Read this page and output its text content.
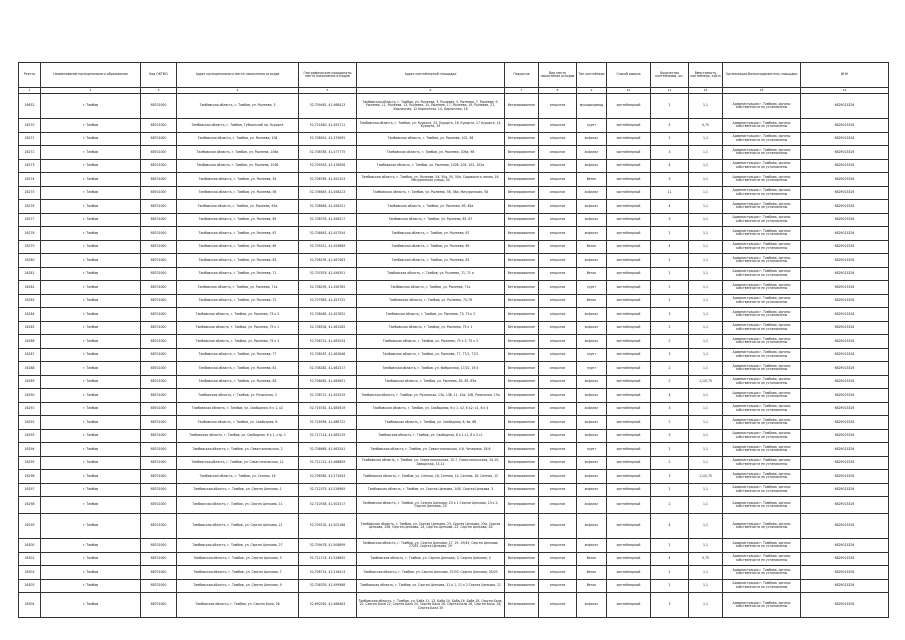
Реестр	Наименование муниципального образования	Код ОКТМО	Адрес муниципального места накопления отходов	Географические координаты места накопления отходов	Адрес контейнерной площадки	Покрытие	Вид места накопления отходов	Тип контейнера	Способ вывоза	Количество контейнеров, шт.	Вместимость контейнера, куб.м	Организация-балансодержатель площадки	ИНН
1	2	3	4	5	6	7	8	9	10	11	12	13	14
16632	г. Тамбов	68701000	Тамбовская область, г. Тамбов, ул. Рылеева, 3	52.709462, 41.468413	Тамбовская область, г. Тамбов, ул. Рылеева, 3, Рылеева, 5, Рылеева, 7, Рылеева, 9, Рылеева, 11, Рылеева, 13, Рылеева, 15, Рылеева, 17, Рылеева, 19, Рылеева, 21, Кирпичная, 12 Кирпичная, 14, Кирпичная, 16	бетонированное	открытое	мусоропровод	контейнерный	2	1,1	Администрация г. Тамбова, органы собственности не установлены	6829015326
16270	г. Тамбов	68701000	Тамбовская область, г. Тамбов, Губкинский пр. Курорта	52.721640, 41.455711	Тамбовская область, г. Тамбов, ул. Курорта, 23, Курорта, 18, Курорта, 17 Курорта, 15, Курорта, 19	бетонированное	открытое	грунт	контейнерный	5	0,75	Администрация г. Тамбова, органы собственности не установлены	6829015326
16271	г. Тамбов	68701000	Тамбовская область, г. Тамбов, ул. Рылеева, 106	52.708901, 41.475695	Тамбовская область, г. Тамбов, ул. Рылеева, 102, 98	бетонированное	открытое	асфальт	контейнерный	2	1,1	Администрация г. Тамбова, органы собственности не установлены	6829015326
16272	г. Тамбов	68701000	Тамбовская область, г. Тамбов, ул. Рылеева, 106а	52.708785, 41.477775	Тамбовская область, г. Тамбов, ул. Рылеева, 106а, 98	бетонированное	открытое	асфальт	контейнерный	3	1,1	Администрация г. Тамбова, органы собственности не установлены	6829015326
16273	г. Тамбов	68701000	Тамбовская область, г. Тамбов, ул. Рылеева, 102б	52.709353, 41.476456	Тамбовская область, г. Тамбов, ул. Рылеева, 102б, 104, 102, 102а	бетонированное	открытое	асфальт	контейнерный	4	1,1	Администрация г. Тамбова, органы собственности не установлены	6829015326
16274	г. Тамбов	68701000	Тамбовская область, г. Тамбов, ул. Рылеева, 54	52.706765, 41.452323	Тамбовская область, г. Тамбов, ул. Рылеева, 54, 50а, 50, 50а, Садовского линия, 16, Мичуринская улица, 54	бетонированное	открытое	бетон	контейнерный	3	1,1	Администрация г. Тамбова, органы собственности не установлены	6829015326
16275	г. Тамбов	68701000	Тамбовская область, г. Тамбов, ул. Рылеева, 56	52.706645, 41.458223	Тамбовская область, г. Тамбов, ул. Рылеева, 56, 58а, Мичуринская, 58	бетонированное	открытое	асфальт	контейнерный	11	1,1	Администрация г. Тамбова, органы собственности не установлены	6829015326
16276	г. Тамбов	68701000	Тамбовская область, г. Тамбов, ул. Рылеева, 63а	52.708846, 41.456251	Тамбовская область, г. Тамбов, ул. Рылеева, 63, 63а	бетонированное	открытое	асфальт	контейнерный	4	1,1	Администрация г. Тамбова, органы собственности не установлены	6829015326
16277	г. Тамбов	68701000	Тамбовская область, г. Тамбов, ул. Рылеева, 65	52.708703, 41.458317	Тамбовская область, г. Тамбов, ул. Рылеева, 65, 67	бетонированное	открытое	асфальт	контейнерный	3	1,1	Администрация г. Тамбова, органы собственности не установлены	6829015326
16278	г. Тамбов	68701000	Тамбовская область, г. Тамбов, ул. Рылеева, 67	52.708843, 41.457554	Тамбовская область, г. Тамбов, ул. Рылеева, 67	бетонированное	открытое	асфальт	контейнерный	2	1,1	Администрация г. Тамбова, органы собственности не установлены	6829015326
16279	г. Тамбов	68701000	Тамбовская область, г. Тамбов, ул. Рылеева, 69	52.709311, 41.459889	Тамбовская область, г. Тамбов, ул. Рылеева, 69	бетонированное	открытое	бетон	контейнерный	4	1,1	Администрация г. Тамбова, органы собственности не установлены	6829015326
16280	г. Тамбов	68701000	Тамбовская область, г. Тамбов, ул. Рылеева, 83	52.708195, 41.467463	Тамбовская область, г. Тамбов, ул. Рылеева, 83	бетонированное	открытое	асфальт	контейнерный	2	1,1	Администрация г. Тамбова, органы собственности не установлены	6829015326
16281	г. Тамбов	68701000	Тамбовская область, г. Тамбов, ул. Рылеева, 71	52.707876, 41.456351	Тамбовская область, г. Тамбов, ул. Рылеева, 71, 71 а	бетонированное	открытое	бетон	контейнерный	2	1,1	Администрация г. Тамбова, органы собственности не установлены	6829015326
16282	г. Тамбов	68701000	Тамбовская область, г. Тамбов, ул. Рылеева, 71а	52.708295, 41.456785	Тамбовская область, г. Тамбов, ул. Рылеева, 71а	бетонированное	открытое	грунт	контейнерный	2	1,1	Администрация г. Тамбова, органы собственности не установлены	6829015326
16283	г. Тамбов	68701000	Тамбовская область, г. Тамбов, ул. Рылеева, 72	52.707863, 41.453752	Тамбовская область, г. Тамбов, ул. Рылеева, 74-76	бетонированное	открытое	бетон	контейнерный	2	1,1	Администрация г. Тамбова, органы собственности не установлены	6829015326
16284	г. Тамбов	68701000	Тамбовская область, г. Тамбов, ул. Рылеева, 73 к 2	52.708465, 41.457652	Тамбовская область, г. Тамбов, ул. Рылеева, 73, 73 к 2	бетонированное	открытое	асфальт	контейнерный	3	1,1	Администрация г. Тамбова, органы собственности не установлены	6829015326
16285	г. Тамбов	68701000	Тамбовская область, г. Тамбов, ул. Рылеева, 75 к 1	52.708534, 41.461285	Тамбовская область, г. Тамбов, ул. Рылеева, 75 к 1	бетонированное	открытое	асфальт	контейнерный	2	1,1	Администрация г. Тамбова, органы собственности не установлены	6829015326
16286	г. Тамбов	68701000	Тамбовская область, г. Тамбов, ул. Рылеева, 75 к 3	52.708715, 41.462524	Тамбовская область, г. Тамбов, ул. Рылеева, 75 к 3, 75 к 2	бетонированное	открытое	асфальт	контейнерный	2	1,1	Администрация г. Тамбова, органы собственности не установлены	6829015326
16287	г. Тамбов	68701000	Тамбовская область, г. Тамбов, ул. Рылеева, 77	52.708187, 41.461646	Тамбовская область, г. Тамбов, ул. Рылеева, 77, 77/1, 77/2	бетонированное	открытое	грунт	контейнерный	3	1,1	Администрация г. Тамбова, органы собственности не установлены	6829015326
16288	г. Тамбов	68701000	Тамбовская область, г. Тамбов, ул. Рылеева, 81	52.708282, 41.462517	Тамбовская область, г. Тамбов, ул. Фабричная, 17/22, 19-5	бетонированное	открытое	грунт	контейнерный	2	1,1	Администрация г. Тамбова, органы собственности не установлены	6829015326
16289	г. Тамбов	68701000	Тамбовская область, г. Тамбов, ул. Рылеева, 83	52.708462, 41.464901	Тамбовская область, г. Тамбов, ул. Рылеева, 83, 85, 85а	бетонированное	открытое	асфальт	контейнерный	2	1,1/0,75	Администрация г. Тамбова, органы собственности не установлены	6829015326
16290	г. Тамбов	68701000	Тамбовская область, г. Тамбов, ул. Рязанская, 2	52.708712, 41.452029	Тамбовская область, г. Тамбов, ул. Рязанская, 13а, 13б, 11, 10а, 10б, Рязанская, 15а	бетонированное	открытое	асфальт	контейнерный	4	1,1	Администрация г. Тамбова, органы собственности не установлены	6829015326
16291	г. Тамбов	68701000	Тамбовская область, г. Тамбов, ул. Свободная, 6 к 1, к2	52.716781, 41.485619	Тамбовская область, г. Тамбов, ул. Свободная, 6 к 1, к2, 6 к2, к1, 6 к 4	бетонированное	открытое	асфальт	контейнерный	3	1,1	Администрация г. Тамбова, органы собственности не установлены	6829015326
16292	г. Тамбов	68701000	Тамбовская область, г. Тамбов, ул. Свободная, 6	52.716994, 41.486722	Тамбовская область, г. Тамбов, ул. Свободная, 6, 6а, 6б	бетонированное	открытое	асфальт	контейнерный	2	1,1	Администрация г. Тамбова, органы собственности не установлены	6829015326
16293	г. Тамбов	68701000	Тамбовская область, г. Тамбов, ул. Свободная, 6 к 1, стр. 1	52.717114, 41.485229	Тамбовская область, г. Тамбов, ул. Свободная, 6 к 1 с1, 6 к 2 с1	бетонированное	открытое	асфальт	контейнерный	3	1,1	Администрация г. Тамбова, органы собственности не установлены	6829015326
16294	г. Тамбов	68701000	Тамбовская область, г. Тамбов, ул. Севастопольская, 2	52.708665, 41.463241	Тамбовская область, г. Тамбов, ул. Севастопольская, 4-6, Чичерина, 18-6	бетонированное	открытое	грунт	контейнерный	2	1,1	Администрация г. Тамбова, органы собственности не установлены	6829015326
16295	г. Тамбов	68701000	Тамбовская область, г. Тамбов, ул. Севастопольская, 12	52.711212, 41.468809	Тамбовская область, г. Тамбов, ул. Севастопольская, 15-7, Севастопольская, 10-10, Заводская, 13-11	бетонированное	открытое	асфальт	контейнерный	2	1,1	Администрация г. Тамбова, органы собственности не установлены	6829015326
16296	г. Тамбов	68701000	Тамбовская область, г. Тамбов, ул. Сенная, 16	52.706585, 41.573454	Тамбовская область, г. Тамбов, ул. Сенная, 16, Сенная, 14, Сенная, 18, Сенная, 12	бетонированное	открытое	асфальт	контейнерный	3	1,1/0,75	Администрация г. Тамбова, органы собственности не установлены	6829015326
16297	г. Тамбов	68701000	Тамбовская область, г. Тамбов, ул. Сергея Цепкова, 1	52.712375, 41.526965	Тамбовская область, г. Тамбов, ул. Сергея Цепкова, 1/40, Сергея Цепкова, 3	бетонированное	открытое	асфальт	контейнерный	2	1,1	Администрация г. Тамбова, органы собственности не установлены	6829015326
16298	г. Тамбов	68701000	Тамбовская область, г. Тамбов, ул. Сергея Цепкова, 11	52.710558, 41.502517	Тамбовская область, г. Тамбов, ул. Сергея Цепкова, 23 к 1 Сергея Цепкова, 23 к 2, Сергея Цепкова, 25	бетонированное	открытое	асфальт	контейнерный	2	1,1	Администрация г. Тамбова, органы собственности не установлены	6829015326
16299	г. Тамбов	68701000	Тамбовская область, г. Тамбов, ул. Сергея Цепкова, 21	52.709135, 41.502188	Тамбовская область, г. Тамбов, ул. Сергея Цепкова, 23, Сергея Цепкова, 25а, Сергея Цепкова, 25б, Сергея Цепкова, 24, Сергея Цепкова, 22, Сергея Цепкова, 26	бетонированное	открытое	асфальт	контейнерный	4	1,1	Администрация г. Тамбова, органы собственности не установлены	6829015326
16300	г. Тамбов	68701000	Тамбовская область, г. Тамбов, ул. Сергея Цепкова, 27	52.709478, 41.506899	Тамбовская область, г. Тамбов, ул. Сергея Цепкова, 27, 29, 29/43, Сергея Цепкова, 27/43, Сергея Цепкова, 29	бетонированное	открытое	асфальт	контейнерный	2	1,1	Администрация г. Тамбова, органы собственности не установлены	6829015326
16301	г. Тамбов	68701000	Тамбовская область, г. Тамбов, ул. Сергея Цепкова, 3	52.711174, 41.526692	Тамбовская область, г. Тамбов, ул. Сергея Цепкова, 3, Сергея Цепкова, 5	бетонированное	открытое	бетон	контейнерный	4	0,75	Администрация г. Тамбова, органы собственности не установлены	6829015326
16302	г. Тамбов	68701000	Тамбовская область, г. Тамбов, ул. Сергея Цепкова, 7	52.708714, 41.516413	Тамбовская область, г. Тамбов, ул. Сергея Цепкова, 07/03, Сергея Цепкова, 05/03	бетонированное	открытое	бетон	контейнерный	2	1,1	Администрация г. Тамбова, органы собственности не установлены	6829015326
16303	г. Тамбов	68701000	Тамбовская область, г. Тамбов, ул. Сергея Цепкова, 9	52.708335, 41.499988	Тамбовская область, г. Тамбов, ул. Сергея Цепкова, 11 к 1, 11 к 2 Сергея Цепкова, 11	бетонированное	открытое	бетон	контейнерный	2	1,1	Администрация г. Тамбова, органы собственности не установлены	6829015326
16304	г. Тамбов	68701000	Тамбовская область, г. Тамбов, ул. Сергея Бала, 26	52.690261, 41.468463	Тамбовская область, г. Тамбов, ул. Баба 11, 13, Баба 14, Баба 16, Баба 18, Сергея Бала, 22, Сергея Бала 22, Сергея Бала 24, Сергея Бала 26, Сергея Бала 26, Сергея Бала, 28, Сергея Бала 30	бетонированное	открытое	асфальт	контейнерный	3	1,1	Администрация г. Тамбова, органы собственности не установлены	6829015326
